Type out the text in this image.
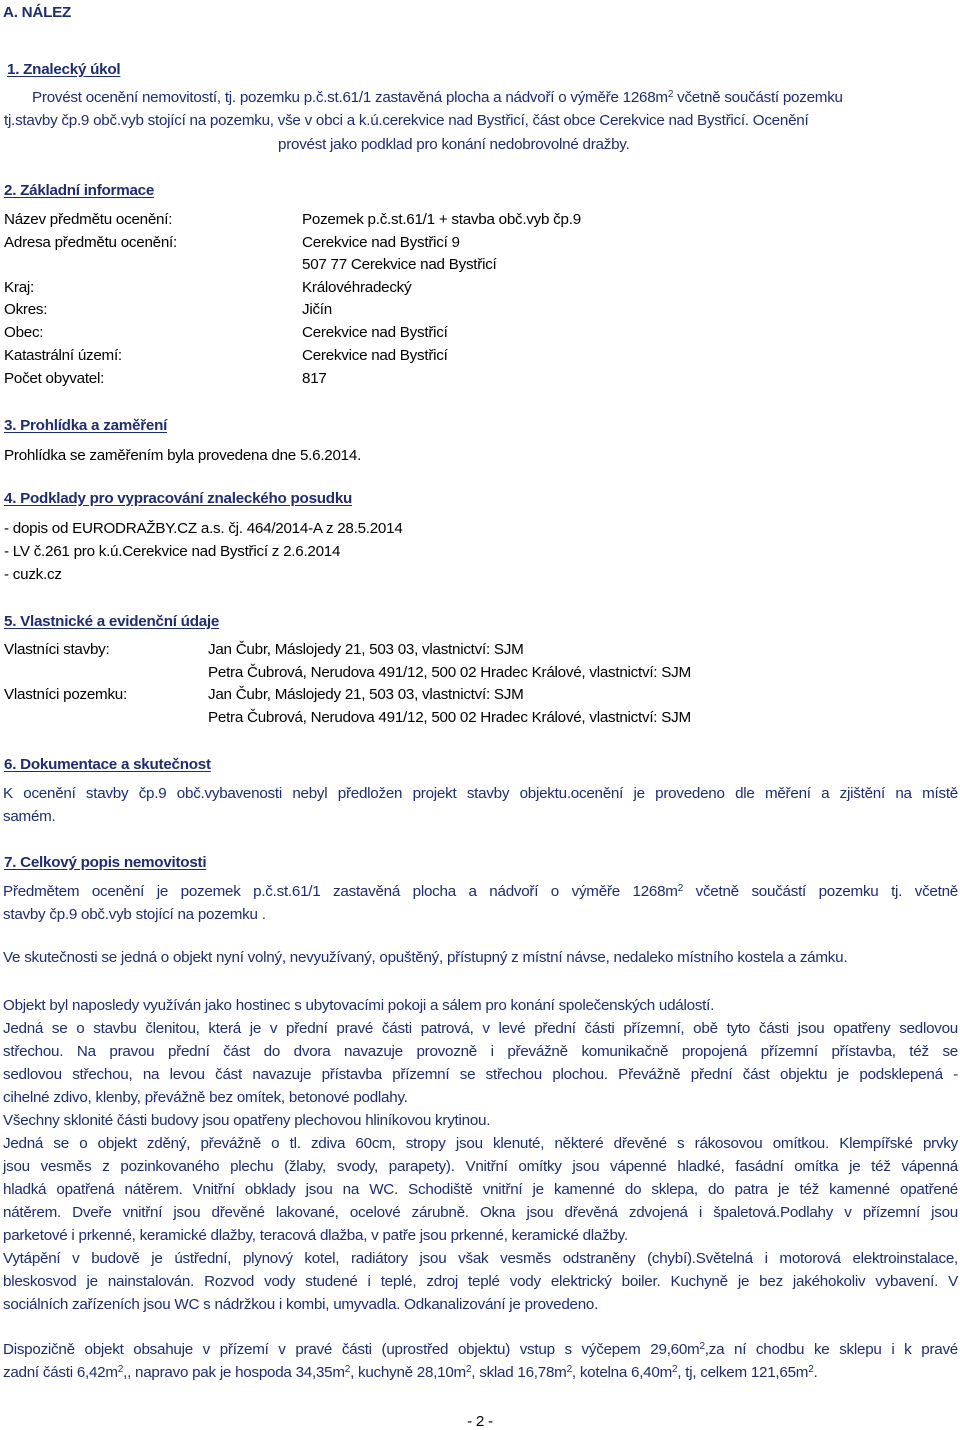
A. NÁLEZ
1. Znalecký úkol
Provést ocenění nemovitostí, tj. pozemku p.č.st.61/1 zastavěná plocha a nádvoří o výměře $1268m^2$ včetně součástí pozemku
tj.stavby čp.9 obč.vyb stojící na pozemku, vše v obci a k.ú.cerekvice nad Bystřicí, část obce Cerekvice nad Bystřicí. Ocenění
provést jako podklad pro konání nedobrovolné dražby.
2. Základní informace
Název předmětu ocenění:	Pozemek p.č.st.61/1 + stavba obč.vyb čp.9
Adresa předmětu ocenění:	Cerekvice nad Bystřicí 9
507 77 Cerekvice nad Bystřicí
Kraj:	Královéhradecký
Okres:	Jičín
Obec:	Cerekvice nad Bystřicí
Katastrální území:	Cerekvice nad Bystřicí
Počet obyvatel:	817
3. Prohlídka a zaměření
Prohlídka se zaměřením byla provedena dne 5.6.2014.
4. Podklady pro vypracování znaleckého posudku
- dopis od EURODRAŽBY.CZ a.s. čj. 464/2014-A z 28.5.2014
- LV č.261 pro k.ú.Cerekvice nad Bystřicí z 2.6.2014
- cuzk.cz
5. Vlastnické a evidenční údaje
Vlastníci stavby:	Jan Čubr, Máslojedy 21, 503 03, vlastnictví: SJM
Petra Čubrová, Nerudova 491/12, 500 02 Hradec Králové, vlastnictví: SJM
Vlastníci pozemku:	Jan Čubr, Máslojedy 21, 503 03, vlastnictví: SJM
Petra Čubrová, Nerudova 491/12, 500 02 Hradec Králové, vlastnictví: SJM
6. Dokumentace a skutečnost
K ocenění stavby čp.9 obč.vybavenosti nebyl předložen projekt stavby objektu.ocenění je provedeno dle měření a zjištění na místě
samém.
7. Celkový popis nemovitosti
Předmětem ocenění je pozemek p.č.st.61/1 zastavěná plocha a nádvoří o výměře $1268m^2$ včetně součástí pozemku tj. včetně
stavby čp.9 obč.vyb stojící na pozemku .
Ve skutečnosti se jedná o objekt nyní volný, nevyužívaný, opuštěný, přístupný z místní návse, nedaleko místního kostela a zámku.
Objekt byl naposledy využíván jako hostinec s ubytovacími pokoji a sálem pro konání společenských událostí.
Jedná se o stavbu členitou, která je v přední pravé části patrová, v levé přední části přízemní, obě tyto části jsou opatřeny sedlovou
střechou. Na pravou přední část do dvora navazuje provozně i převážně komunikačně propojená přízemní přístavba, též se
sedlovou střechou, na levou část navazuje přístavba přízemní se střechou plochou. Převážně přední část objektu je podsklepená -
cihelné zdivo, klenby, převážně bez omítek, betonové podlahy.
Všechny sklonité části budovy jsou opatřeny plechovou hliníkovou krytinou.
Jedná se o objekt zděný, převážně o tl. zdiva 60cm, stropy jsou klenuté, některé dřevěné s rákosovou omítkou. Klempířské prvky
jsou vesměs z pozinkovaného plechu (žlaby, svody, parapety). Vnitřní omítky jsou vápenné hladké, fasádní omítka je též vápenná
hladká opatřená nátěrem. Vnitřní obklady jsou na WC. Schodiště vnitřní je kamenné do sklepa, do patra je též kamenné opatřené
nátěrem. Dveře vnitřní jsou dřevěné lakované, ocelové zárubně. Okna jsou dřevěná zdvojená i špaletová.Podlahy v přízemní jsou
parketové i prkenné, keramické dlažby, teracová dlažba, v patře jsou prkenné, keramické dlažby.
Vytápění v budově je ústřední, plynový kotel, radiátory jsou však vesměs odstraněny (chybí).Světelná i motorová elektroinstalace,
bleskosvod je nainstalován. Rozvod vody studené i teplé, zdroj teplé vody elektrický boiler. Kuchyně je bez jakéhokoliv vybavení. V
sociálních zařízeních jsou WC s nádržkou i kombi, umyvadla. Odkanalizování je provedeno.
Dispozičně objekt obsahuje v přízemí v pravé části (uprostřed objektu) vstup s výčepem $29,60m^2,za$ ní chodbu ke sklepu i k pravé
zadní části $6,42m^2$,, napravo pak je hospoda $34,35m^2$, kuchyně $28,10m^2$, sklad $16,78m^2$, kotelna $6,40m^2$, tj, celkem $121,65m^2$.
- 2 -
